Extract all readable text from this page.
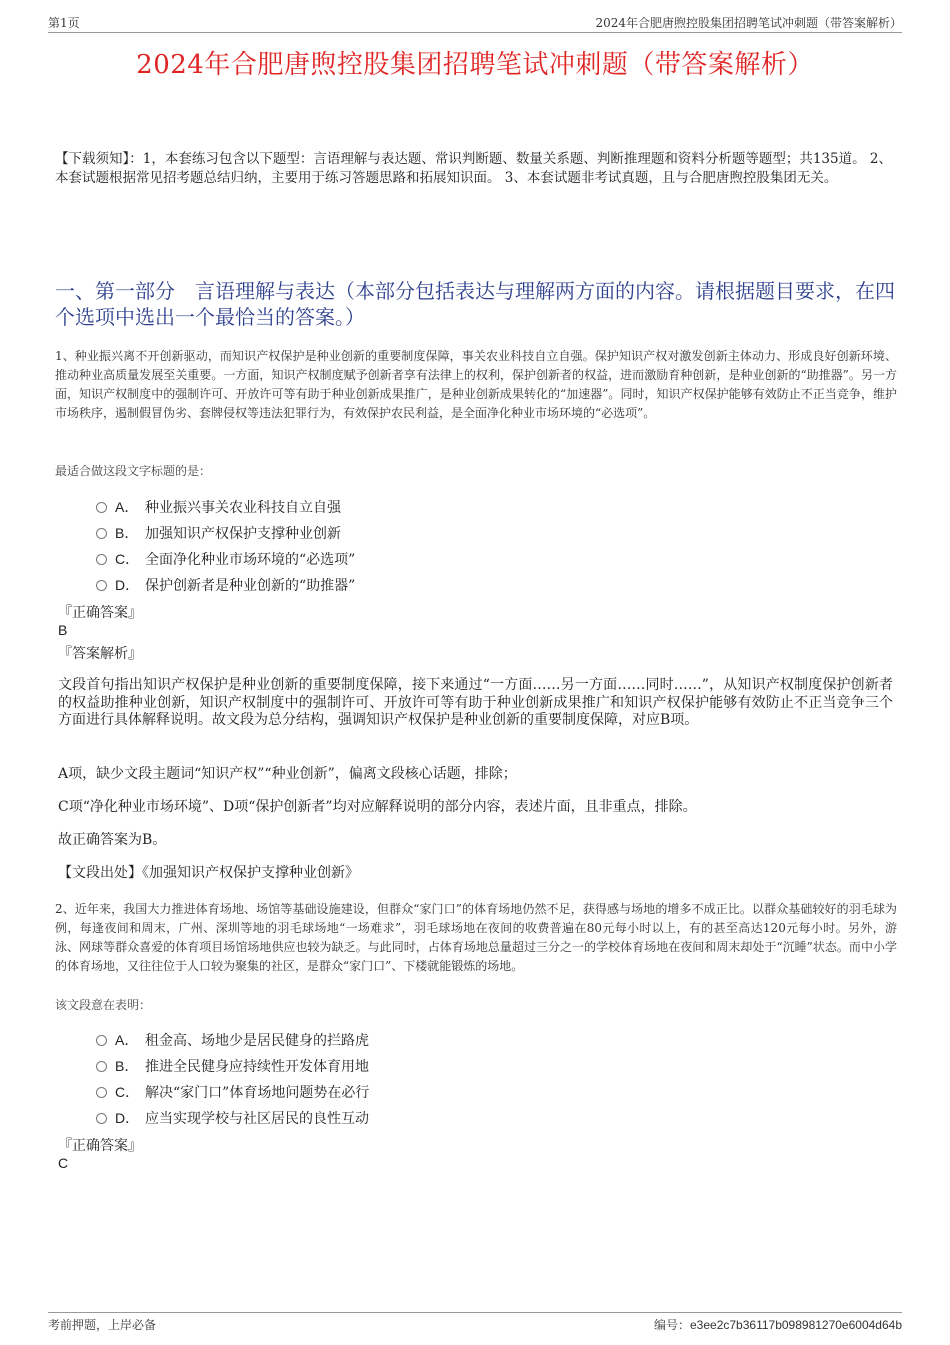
第1页	2024年合肥唐煦控股集团招聘笔试冲刺题（带答案解析）
2024年合肥唐煦控股集团招聘笔试冲刺题（带答案解析）
【下载须知】：1，本套练习包含以下题型：言语理解与表达题、常识判断题、数量关系题、判断推理题和资料分析题等题型；共135道。 2、本套试题根据常见招考题总结归纳，主要用于练习答题思路和拓展知识面。 3、本套试题非考试真题，且与合肥唐煦控股集团无关。
一、第一部分　言语理解与表达（本部分包括表达与理解两方面的内容。请根据题目要求，在四个选项中选出一个最恰当的答案。）
1、种业振兴离不开创新驱动，而知识产权保护是种业创新的重要制度保障，事关农业科技自立自强。保护知识产权对激发创新主体动力、形成良好创新环境、推动种业高质量发展至关重要。一方面，知识产权制度赋予创新者享有法律上的权利，保护创新者的权益，进而激励育种创新，是种业创新的“助推器”。另一方面，知识产权制度中的强制许可、开放许可等有助于种业创新成果推广，是种业创新成果转化的“加速器”。同时，知识产权保护能够有效防止不正当竞争，维护市场秩序，遏制假冒伪劣、套牌侵权等违法犯罪行为，有效保护农民利益，是全面净化种业市场环境的“必选项”。
最适合做这段文字标题的是：
A． 种业振兴事关农业科技自立自强
B． 加强知识产权保护支撑种业创新
C． 全面净化种业市场环境的“必选项”
D． 保护创新者是种业创新的“助推器”
『正确答案』
B
『答案解析』
文段首句指出知识产权保护是种业创新的重要制度保障，接下来通过“一方面……另一方面……同时……”，从知识产权制度保护创新者的权益助推种业创新，知识产权制度中的强制许可、开放许可等有助于种业创新成果推广和知识产权保护能够有效防止不正当竞争三个方面进行具体解释说明。故文段为总分结构，强调知识产权保护是种业创新的重要制度保障，对应B项。
A项，缺少文段主题词“知识产权”“种业创新”，偏离文段核心话题，排除；
C项“净化种业市场环境”、D项“保护创新者”均对应解释说明的部分内容，表述片面，且非重点，排除。
故正确答案为B。
【文段出处】《加强知识产权保护支撑种业创新》
2、近年来，我国大力推进体育场地、场馆等基础设施建设，但群众“家门口”的体育场地仍然不足，获得感与场地的增多不成正比。以群众基础较好的羽毛球为例，每逢夜间和周末，广州、深圳等地的羽毛球场地“一场难求”，羽毛球场地在夜间的收费普遍在80元每小时以上，有的甚至高达120元每小时。另外，游泳、网球等群众喜爱的体育项目场馆场地供应也较为缺乏。与此同时，占体育场地总量超过三分之一的学校体育场地在夜间和周末却处于“沉睡”状态。而中小学的体育场地，又往往位于人口较为聚集的社区，是群众“家门口”、下楼就能锻炼的场地。
该文段意在表明：
A． 租金高、场地少是居民健身的拦路虎
B． 推进全民健身应持续性开发体育用地
C． 解决“家门口”体育场地问题势在必行
D． 应当实现学校与社区居民的良性互动
『正确答案』
C
考前押题，上岸必备	编号：e3ee2c7b36117b098981270e6004d64b
